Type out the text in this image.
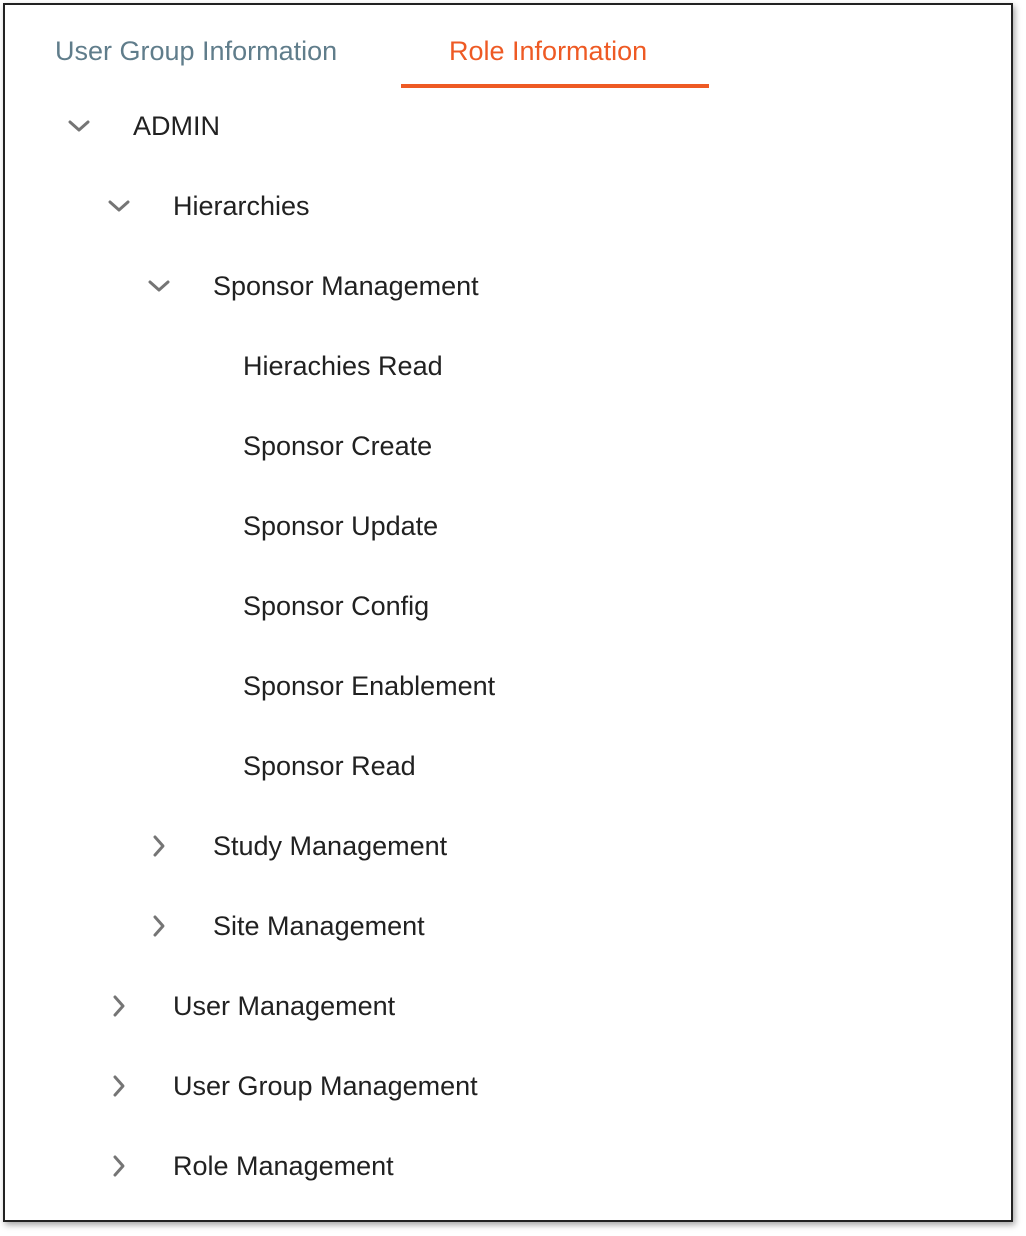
User Group Information	Role Information
ADMIN
Hierarchies
Sponsor Management
Hierachies Read
Sponsor Create
Sponsor Update
Sponsor Config
Sponsor Enablement
Sponsor Read
Study Management
Site Management
User Management
User Group Management
Role Management
